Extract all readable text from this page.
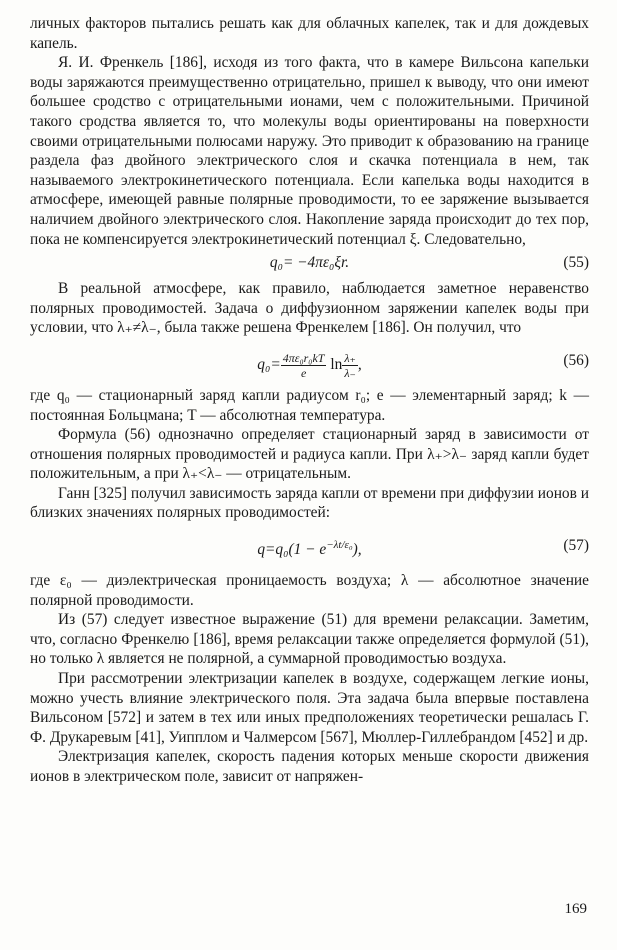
личных факторов пытались решать как для облачных капелек, так и для дождевых капель.

Я. И. Френкель [186], исходя из того факта, что в камере Вильсона капельки воды заряжаются преимущественно отрицательно, пришел к выводу, что они имеют большее сродство с отрицательными ионами, чем с положительными. Причиной такого сродства является то, что молекулы воды ориентированы на поверхности своими отрицательными полюсами наружу. Это приводит к образованию на границе раздела фаз двойного электрического слоя и скачка потенциала в нем, так называемого электрокинетического потенциала. Если капелька воды находится в атмосфере, имеющей равные полярные проводимости, то ее заряжение вызывается наличием двойного электрического слоя. Накопление заряда происходит до тех пор, пока не компенсируется электрокинетический потенциал ξ. Следовательно,

q₀= −4πε₀ξr.	(55)

В реальной атмосфере, как правило, наблюдается заметное неравенство полярных проводимостей. Задача о диффузионном заряжении капелек воды при условии, что λ₊≠λ₋, была также решена Френкелем [186]. Он получил, что

$q_0= \frac{\text{4πε₀r₀kT}}{e}$ $\ln \frac{\lambda_+}{\lambda_-}$ ,	(56)

где q₀ — стационарный заряд капли радиусом r₀; e — элементарный заряд; k — постоянная Больцмана; T — абсолютная температура.

Формула (56) однозначно определяет стационарный заряд в зависимости от отношения полярных проводимостей и радиуса капли. При λ₊>λ₋ заряд капли будет положительным, а при λ₊<λ₋ — отрицательным.

Ганн [325] получил зависимость заряда капли от времени при диффузии ионов и близких значениях полярных проводимостей:

$q=q_0(1 - e^{-\lambda t/\varepsilon_0})$,	(57)

где ε₀ — диэлектрическая проницаемость воздуха; λ — абсолютное значение полярной проводимости.

Из (57) следует известное выражение (51) для времени релаксации. Заметим, что, согласно Френкелю [186], время релаксации также определяется формулой (51), но только λ является не полярной, а суммарной проводимостью воздуха.

При рассмотрении электризации капелек в воздухе, содержащем легкие ионы, можно учесть влияние электрического поля. Эта задача была впервые поставлена Вильсоном [572] и затем в тех или иных предположениях теоретически решалась Г. Ф. Друкаревым [41], Уипплом и Чалмерсом [567], Мюллер-Гиллебрандом [452] и др.

Электризация капелек, скорость падения которых меньше скорости движения ионов в электрическом поле, зависит от напряжен-

169
